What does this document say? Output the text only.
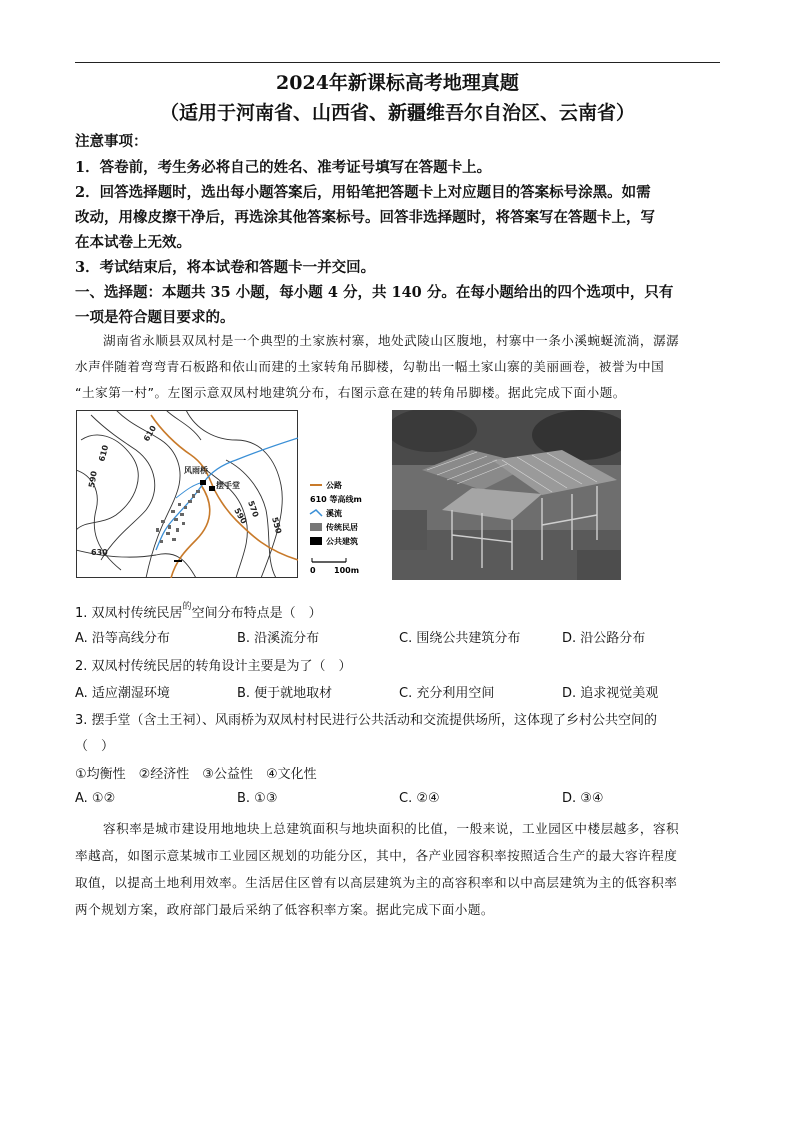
2024年新课标高考地理真题
（适用于河南省、山西省、新疆维吾尔自治区、云南省）
注意事项：
1．答卷前，考生务必将自己的姓名、准考证号填写在答题卡上。
2．回答选择题时，选出每小题答案后，用铅笔把答题卡上对应题目的答案标号涂黑。如需
改动，用橡皮擦干净后，再选涂其他答案标号。回答非选择题时，将答案写在答题卡上，写
在本试卷上无效。
3．考试结束后，将本试卷和答题卡一并交回。
一、选择题：本题共 35 小题，每小题 4 分，共 140 分。在每小题给出的四个选项中，只有
一项是符合题目要求的。
湖南省永顺县双凤村是一个典型的土家族村寨，地处武陵山区腹地，村寨中一条小溪蜿蜒流淌，潺潺
水声伴随着弯弯青石板路和依山而建的土家转角吊脚楼，勾勒出一幅土家山寨的美丽画卷，被誉为中国
“土家第一村”。左图示意双凤村地建筑分布，右图示意在建的转角吊脚楼。据此完成下面小题。
610
590
610
630
570
590	550
风雨桥
摆手堂	公路
610 等高线m
溪流
传统民居
公共建筑
0 100m
1. 双凤村传统民居$^的$空间分布特点是（　）
A. 沿等高线分布	B. 沿溪流分布	C. 围绕公共建筑分布	D. 沿公路分布
2. 双凤村传统民居的转角设计主要是为了（　）
A. 适应潮湿环境	B. 便于就地取材	C. 充分利用空间	D. 追求视觉美观
3. 摆手堂（含土王祠）、风雨桥为双凤村村民进行公共活动和交流提供场所，这体现了乡村公共空间的
（　）
①均衡性　②经济性　③公益性　④文化性
A. ①②	B. ①③	C. ②④	D. ③④
容积率是城市建设用地地块上总建筑面积与地块面积的比值，一般来说，工业园区中楼层越多，容积
率越高，如图示意某城市工业园区规划的功能分区，其中，各产业园容积率按照适合生产的最大容许程度
取值，以提高土地利用效率。生活居住区曾有以高层建筑为主的高容积率和以中高层建筑为主的低容积率
两个规划方案，政府部门最后采纳了低容积率方案。据此完成下面小题。
